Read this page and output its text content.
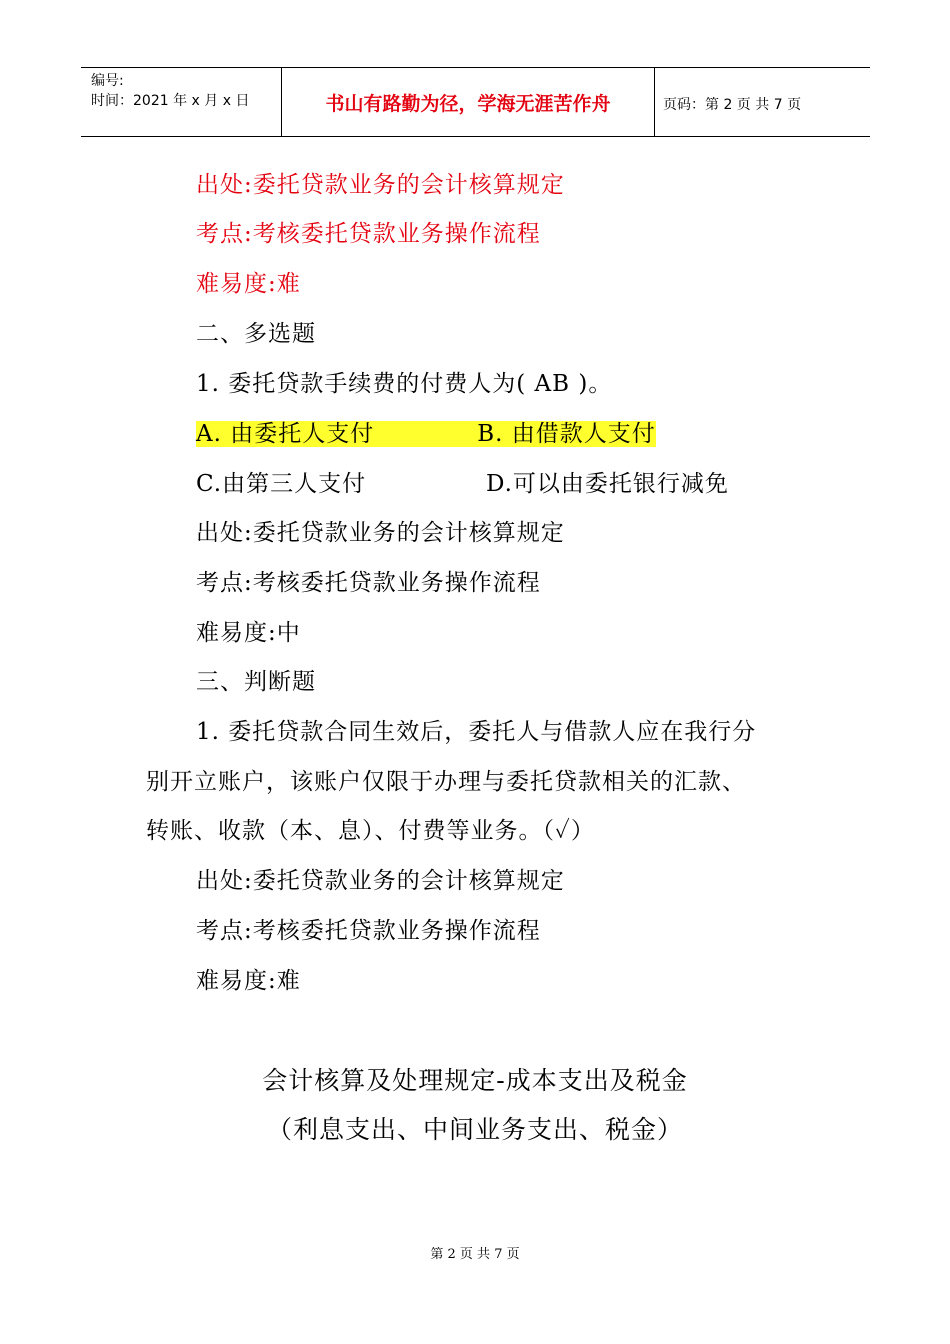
编号:
时间：2021 年 x 月 x 日	书山有路勤为径，学海无涯苦作舟	页码：第 2 页 共 7 页
出处:委托贷款业务的会计核算规定
考点:考核委托贷款业务操作流程
难易度:难
二、多选题
1. 委托贷款手续费的付费人为( AB )。
A. 由委托人支付	B. 由借款人支付
C.由第三人支付	D.可以由委托银行减免
出处:委托贷款业务的会计核算规定
考点:考核委托贷款业务操作流程
难易度:中
三、判断题
1. 委托贷款合同生效后，委托人与借款人应在我行分
别开立账户，该账户仅限于办理与委托贷款相关的汇款、
转账、收款（本、息）、付费等业务。（✓）
出处:委托贷款业务的会计核算规定
考点:考核委托贷款业务操作流程
难易度:难
会计核算及处理规定-成本支出及税金
（利息支出、中间业务支出、税金）
第 2 页 共 7 页
